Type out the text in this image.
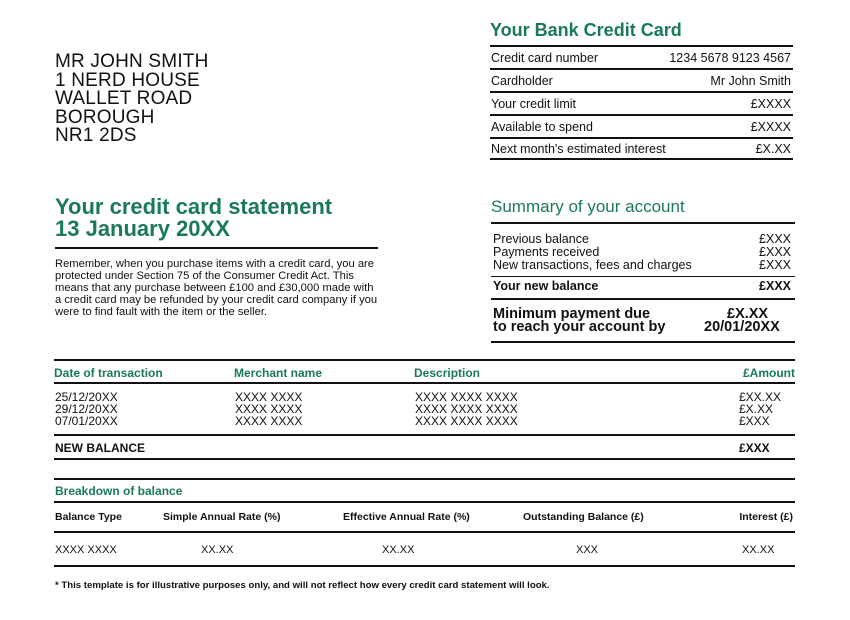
MR JOHN SMITH
1 NERD HOUSE
WALLET ROAD
BOROUGH
NR1 2DS
Your Bank Credit Card
Credit card number	1234 5678 9123 4567
Cardholder	Mr John Smith
Your credit limit	£XXXX
Available to spend	£XXXX
Next month's estimated interest	£X.XX
Your credit card statement
13 January 20XX
Remember, when you purchase items with a credit card, you are protected under Section 75 of the Consumer Credit Act. This means that any purchase between £100 and £30,000 made with a credit card may be refunded by your credit card company if you were to find fault with the item or the seller.
Summary of your account
Previous balance	£XXX
Payments received	£XXX
New transactions, fees and charges	£XXX
Your new balance	£XXX
Minimum payment due	£X.XX
to reach your account by	20/01/20XX
Date of transaction	Merchant name	Description	£Amount
25/12/20XX	XXXX XXXX	XXXX XXXX XXXX	£XX.XX
29/12/20XX	XXXX XXXX	XXXX XXXX XXXX	£X.XX
07/01/20XX	XXXX XXXX	XXXX XXXX XXXX	£XXX
NEW BALANCE	£XXX
Breakdown of balance
Balance Type	Simple Annual Rate (%)	Effective Annual Rate (%)	Outstanding Balance (£)	Interest (£)
XXXX XXXX	XX.XX	XX.XX	XXX	XX.XX
* This template is for illustrative purposes only, and will not reflect how every credit card statement will look.
